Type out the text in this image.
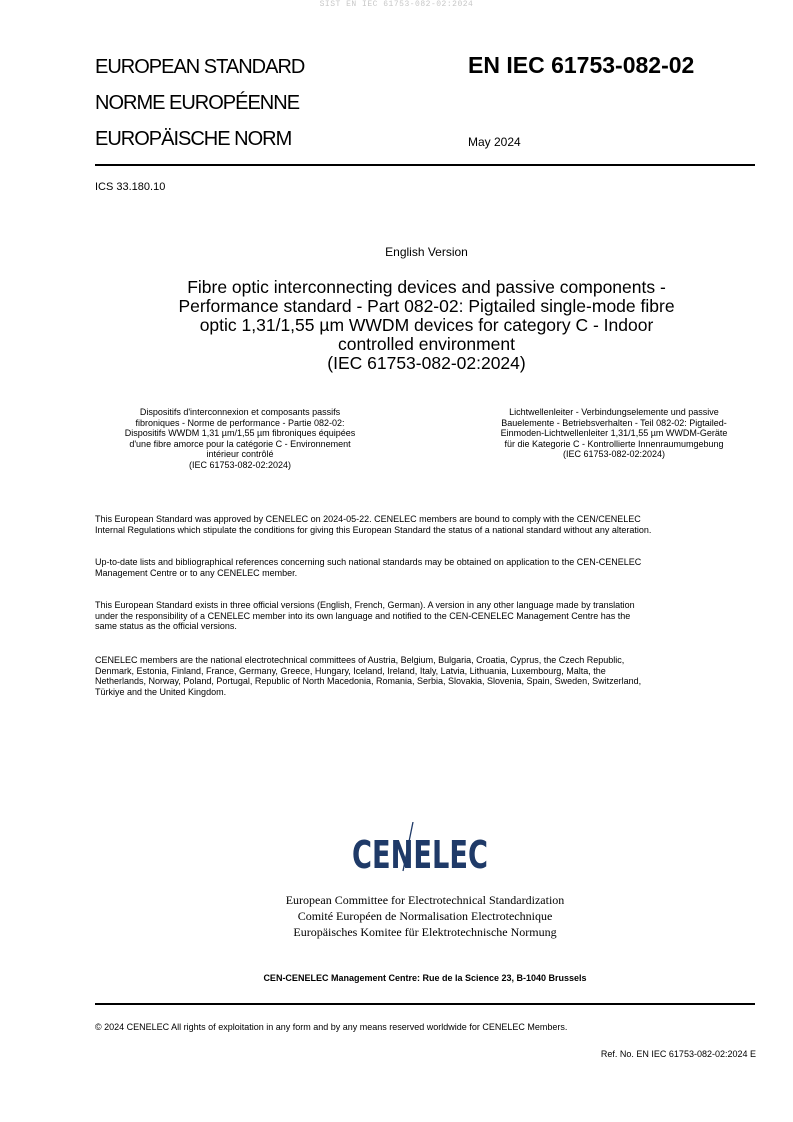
SIST EN IEC 61753-082-02:2024
EUROPEAN STANDARD
NORME EUROPÉENNE
EUROPÄISCHE NORM
EN IEC 61753-082-02
May 2024
ICS 33.180.10
English Version
Fibre optic interconnecting devices and passive components -
Performance standard - Part 082-02: Pigtailed single-mode fibre
optic 1,31/1,55 µm WWDM devices for category C - Indoor
controlled environment
(IEC 61753-082-02:2024)
Dispositifs d'interconnexion et composants passifs
fibroniques - Norme de performance - Partie 082-02:
Dispositifs WWDM 1,31 µm/1,55 µm fibroniques équipées
d'une fibre amorce pour la catégorie C - Environnement
intérieur contrôlé
(IEC 61753-082-02:2024)
Lichtwellenleiter - Verbindungselemente und passive
Bauelemente - Betriebsverhalten - Teil 082-02: Pigtailed-
Einmoden-Lichtwellenleiter 1,31/1,55 µm WWDM-Geräte
für die Kategorie C - Kontrollierte Innenraumumgebung
(IEC 61753-082-02:2024)
This European Standard was approved by CENELEC on 2024-05-22. CENELEC members are bound to comply with the CEN/CENELEC
Internal Regulations which stipulate the conditions for giving this European Standard the status of a national standard without any alteration.
Up-to-date lists and bibliographical references concerning such national standards may be obtained on application to the CEN-CENELEC
Management Centre or to any CENELEC member.
This European Standard exists in three official versions (English, French, German). A version in any other language made by translation
under the responsibility of a CENELEC member into its own language and notified to the CEN-CENELEC Management Centre has the
same status as the official versions.
CENELEC members are the national electrotechnical committees of Austria, Belgium, Bulgaria, Croatia, Cyprus, the Czech Republic,
Denmark, Estonia, Finland, France, Germany, Greece, Hungary, Iceland, Ireland, Italy, Latvia, Lithuania, Luxembourg, Malta, the
Netherlands, Norway, Poland, Portugal, Republic of North Macedonia, Romania, Serbia, Slovakia, Slovenia, Spain, Sweden, Switzerland,
Türkiye and the United Kingdom.
CENELEC
European Committee for Electrotechnical Standardization
Comité Européen de Normalisation Electrotechnique
Europäisches Komitee für Elektrotechnische Normung
CEN-CENELEC Management Centre: Rue de la Science 23, B-1040 Brussels
© 2024 CENELEC All rights of exploitation in any form and by any means reserved worldwide for CENELEC Members.
Ref. No. EN IEC 61753-082-02:2024 E
